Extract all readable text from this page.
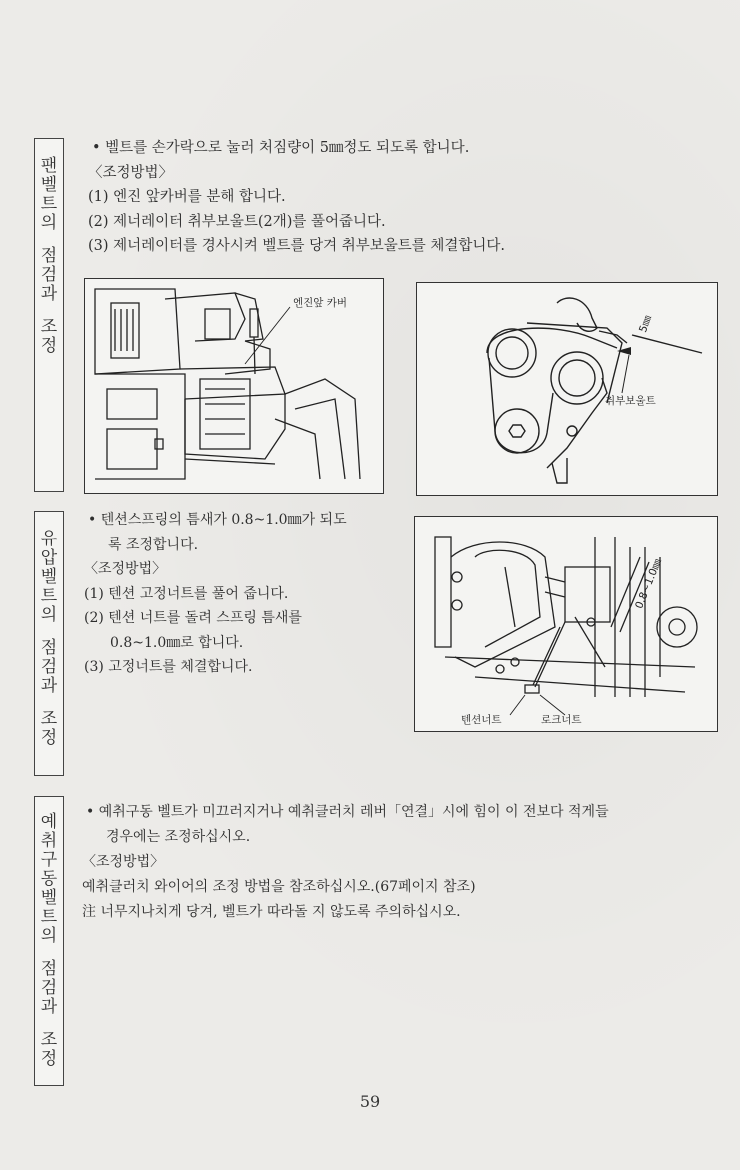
팬
벨
트
의
점
검
과
조
정
• 벨트를 손가락으로 눌러 처짐량이 5㎜정도 되도록 합니다.
〈조정방법〉
(1) 엔진 앞카버를 분해 합니다.
(2) 제너레이터 취부보울트(2개)를 풀어줍니다.
(3) 제너레이터를 경사시켜 벨트를 당겨 취부보울트를 체결합니다.
엔진앞 카버
5㎜
취부보울트
유
압
벨
트
의
점
검
과
조
정
• 텐션스프링의 틈새가 0.8~1.0㎜가 되도
록 조정합니다.
〈조정방법〉
(1) 텐션 고정너트를 풀어 줍니다.
(2) 텐션 너트를 돌려 스프링 틈새를
0.8~1.0㎜로 합니다.
(3) 고정너트를 체결합니다.
0.8~1.0㎜
텐션너트	로크너트
예
취
구
동
벨
트
의
점
검
과
조
정
• 예취구동 벨트가 미끄러지거나 예취클러치 레버「연결」시에 힘이 이 전보다 적게들
경우에는 조정하십시오.
〈조정방법〉
예취클러치 와이어의 조정 방법을 참조하십시오.(67페이지 참조)
注 너무지나치게 당겨, 벨트가 따라돌 지 않도록 주의하십시오.
59
